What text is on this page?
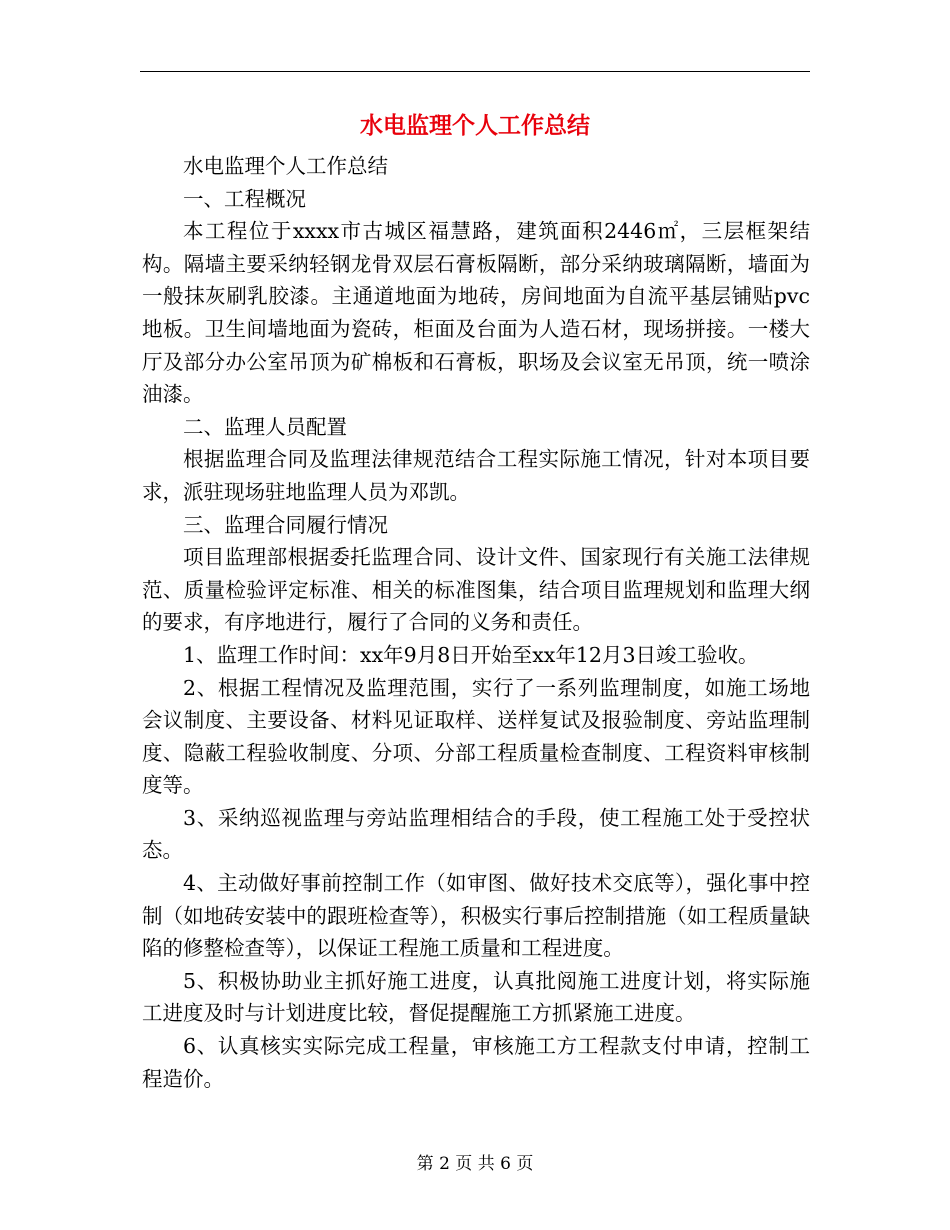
水电监理个人工作总结

水电监理个人工作总结

一、工程概况

本工程位于xxxx市古城区福慧路，建筑面积2446㎡，三层框架结构。隔墙主要采纳轻钢龙骨双层石膏板隔断，部分采纳玻璃隔断，墙面为一般抹灰刷乳胶漆。主通道地面为地砖，房间地面为自流平基层铺贴pvc地板。卫生间墙地面为瓷砖，柜面及台面为人造石材，现场拼接。一楼大厅及部分办公室吊顶为矿棉板和石膏板，职场及会议室无吊顶，统一喷涂油漆。

二、监理人员配置

根据监理合同及监理法律规范结合工程实际施工情况，针对本项目要求，派驻现场驻地监理人员为邓凯。

三、监理合同履行情况

项目监理部根据委托监理合同、设计文件、国家现行有关施工法律规范、质量检验评定标准、相关的标准图集，结合项目监理规划和监理大纲的要求，有序地进行，履行了合同的义务和责任。

1、监理工作时间：xx年9月8日开始至xx年12月3日竣工验收。

2、根据工程情况及监理范围，实行了一系列监理制度，如施工场地会议制度、主要设备、材料见证取样、送样复试及报验制度、旁站监理制度、隐蔽工程验收制度、分项、分部工程质量检查制度、工程资料审核制度等。

3、采纳巡视监理与旁站监理相结合的手段，使工程施工处于受控状态。

4、主动做好事前控制工作（如审图、做好技术交底等），强化事中控制（如地砖安装中的跟班检查等），积极实行事后控制措施（如工程质量缺陷的修整检查等），以保证工程施工质量和工程进度。

5、积极协助业主抓好施工进度，认真批阅施工进度计划，将实际施工进度及时与计划进度比较，督促提醒施工方抓紧施工进度。

6、认真核实实际完成工程量，审核施工方工程款支付申请，控制工程造价。

第 2 页 共 6 页
